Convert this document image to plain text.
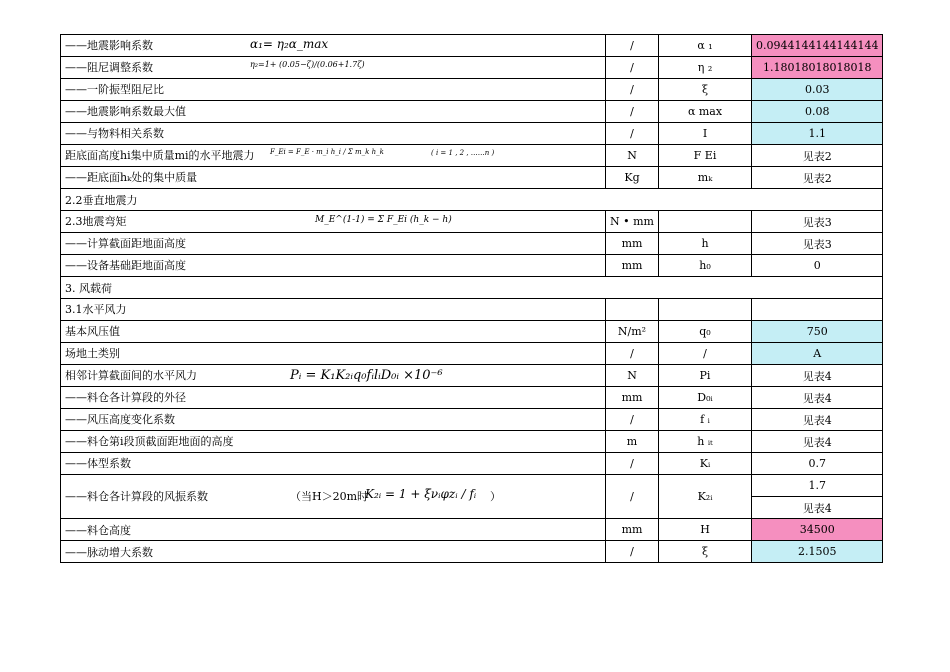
——地震影响系数 α₁= η₂α_max	/	α ₁	0.0944144144144144

——阻尼调整系数 η₂=1+ (0.05−ζ)/(0.06+1.7ζ)	/	η ₂	1.18018018018018

——一阶振型阻尼比	/	ξ	0.03

——地震影响系数最大值	/	α max	0.08

——与物料相关系数	/	I	1.1

距底面高度hi集中质量mi的水平地震力 F_Ei = F_E · m_i h_i / Σ m_k h_k ( i = 1 , 2 , ……n )	N	F Ei	见表2

——距底面hₖ处的集中质量	Kg	mₖ	见表2
2.2垂直地震力			

2.3地震弯矩 M_E^(1-1) = Σ F_Ei (h_k − h)	N • mm		见表3

——计算截面距地面高度	mm	h	见表3

——设备基础距地面高度	mm	h₀	0
3. 风载荷			

3.1水平风力			

基本风压值	N/m²	q₀	750

场地土类别	/	/	A

相邻计算截面间的水平风力 Pᵢ = K₁K₂ᵢq₀fᵢlᵢD₀ᵢ ×10⁻⁶	N	Pi	见表4

——料仓各计算段的外径	mm	D₀ᵢ	见表4

——风压高度变化系数	/	f ᵢ	见表4

——料仓第i段顶截面距地面的高度	m	h ᵢₜ	见表4

——体型系数	/	Kᵢ	0.7

——料仓各计算段的风振系数 （当H＞20m时
K₂ᵢ = 1 + ξνᵢφzᵢ / fᵢ ）	/	K₂ᵢ	1.7
			见表4
——料仓高度	mm	H	34500
——脉动增大系数	/	ξ	2.1505
